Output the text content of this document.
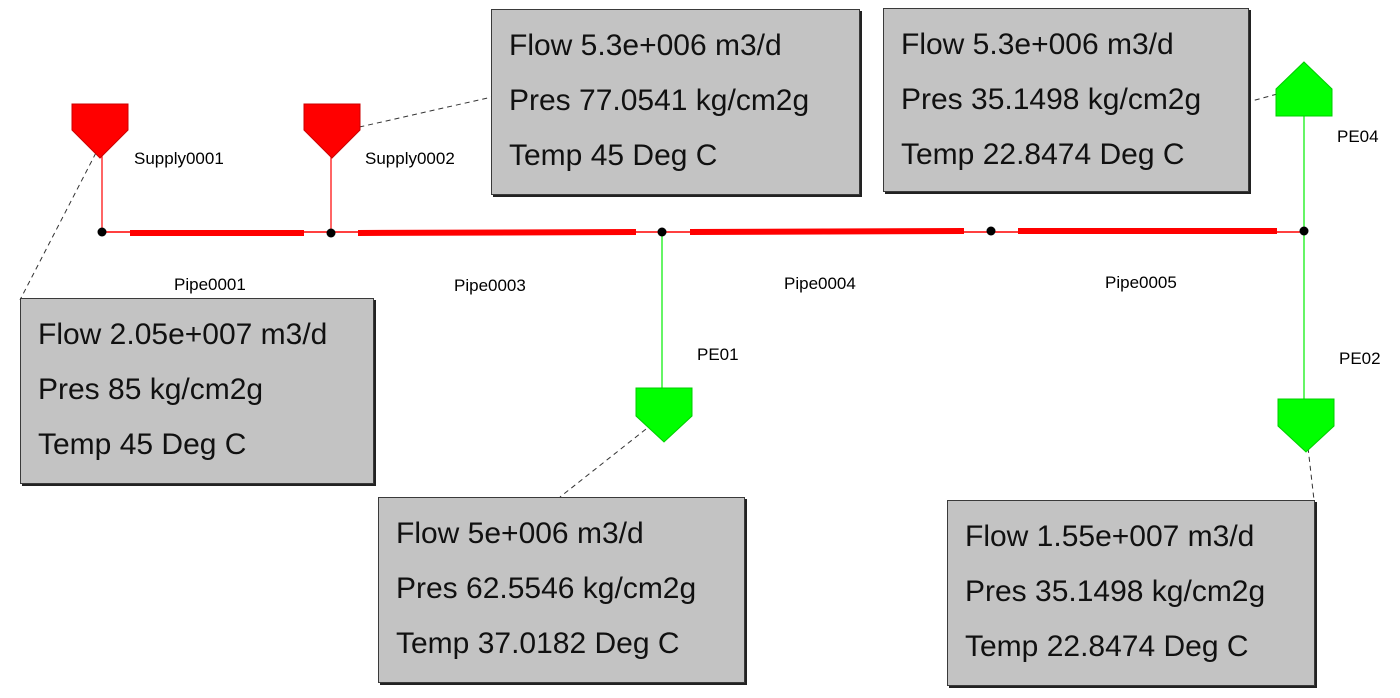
Supply0001	Supply0002
PE01	PE02
PE04
Pipe0001	Pipe0003	Pipe0004	Pipe0005
Flow 2.05e+007 m3/d
Pres 85 kg/cm2g
Temp 45 Deg C
Flow 5.3e+006 m3/d
Pres 77.0541 kg/cm2g
Temp 45 Deg C
Flow 5.3e+006 m3/d
Pres 35.1498 kg/cm2g
Temp 22.8474 Deg C
Flow 5e+006 m3/d
Pres 62.5546 kg/cm2g
Temp 37.0182 Deg C
Flow 1.55e+007 m3/d
Pres 35.1498 kg/cm2g
Temp 22.8474 Deg C
